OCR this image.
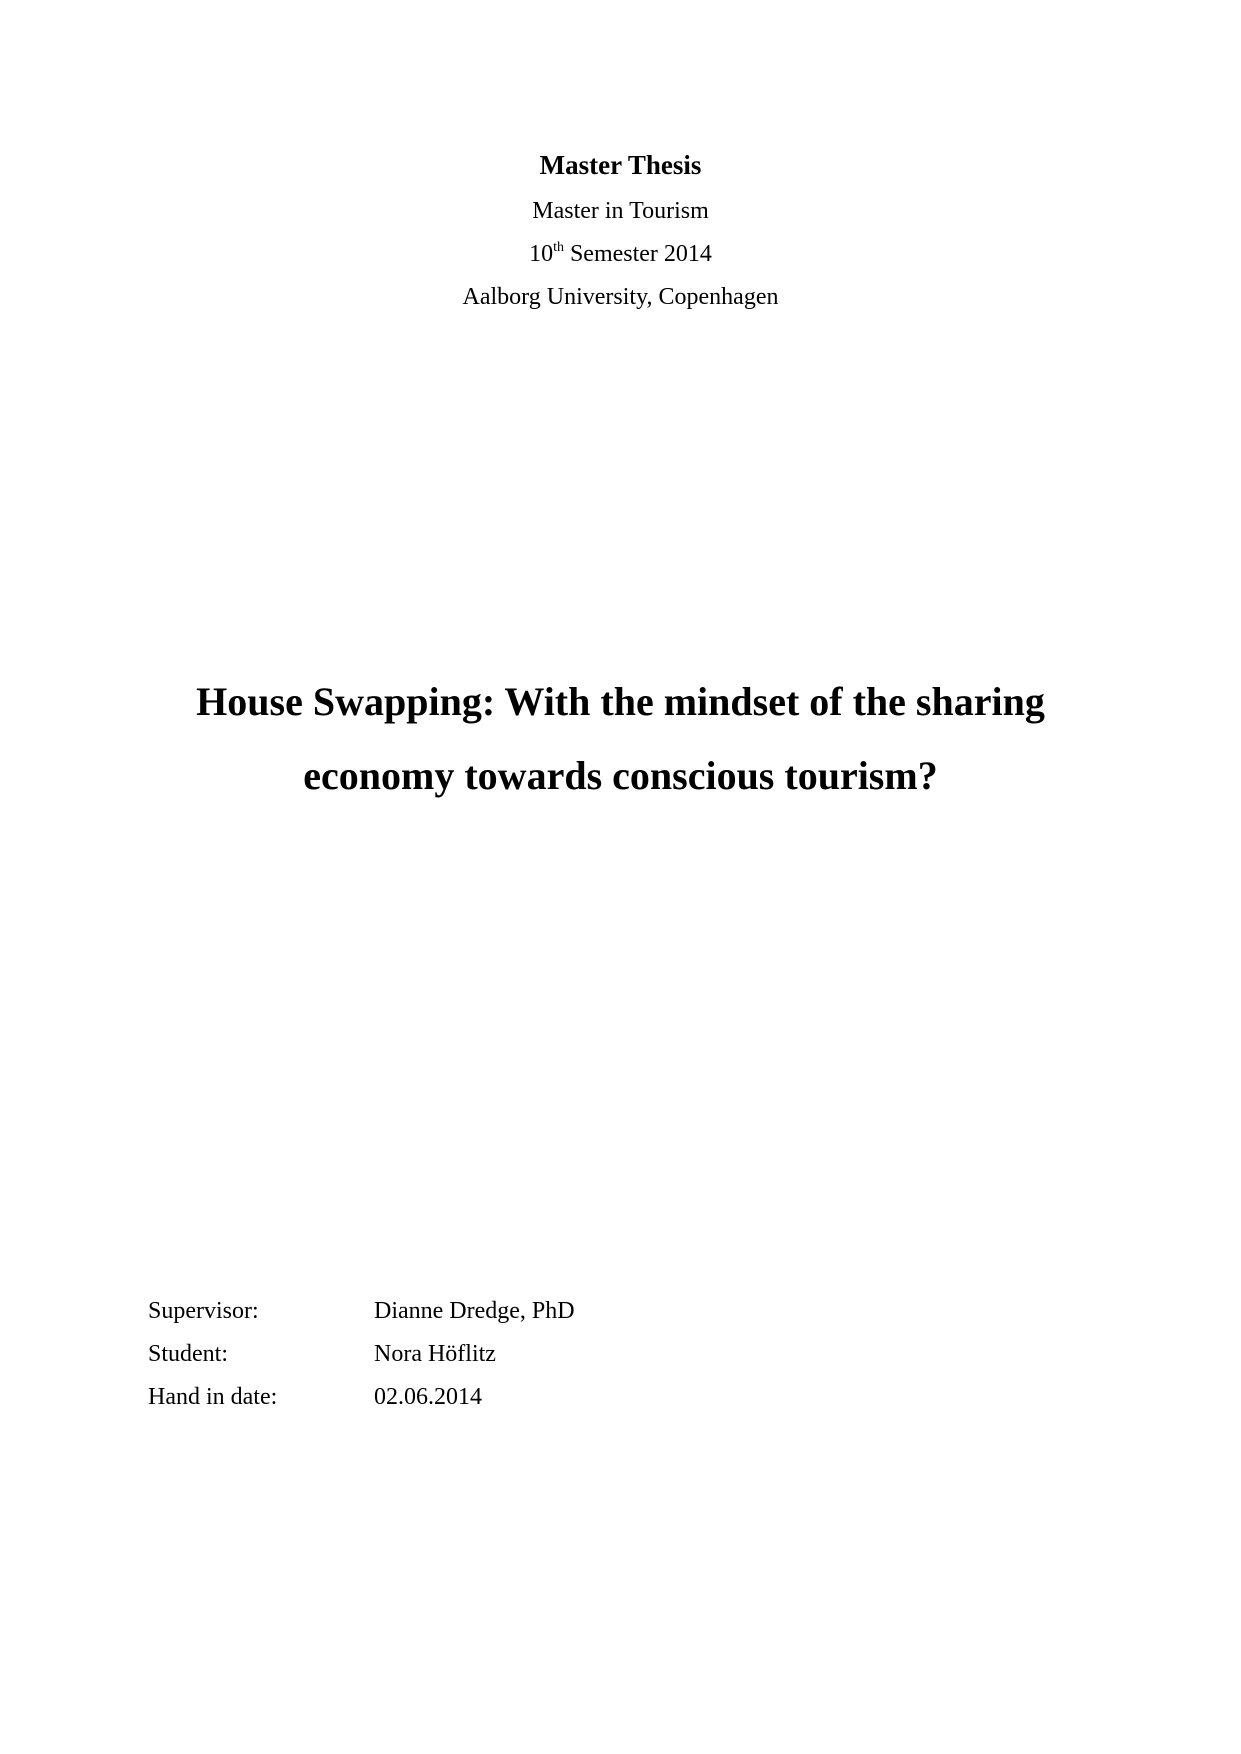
Master Thesis
Master in Tourism
10th Semester 2014
Aalborg University, Copenhagen
House Swapping: With the mindset of the sharing
economy towards conscious tourism?
Supervisor:	Dianne Dredge, PhD
Student:	Nora Höflitz
Hand in date:	02.06.2014
